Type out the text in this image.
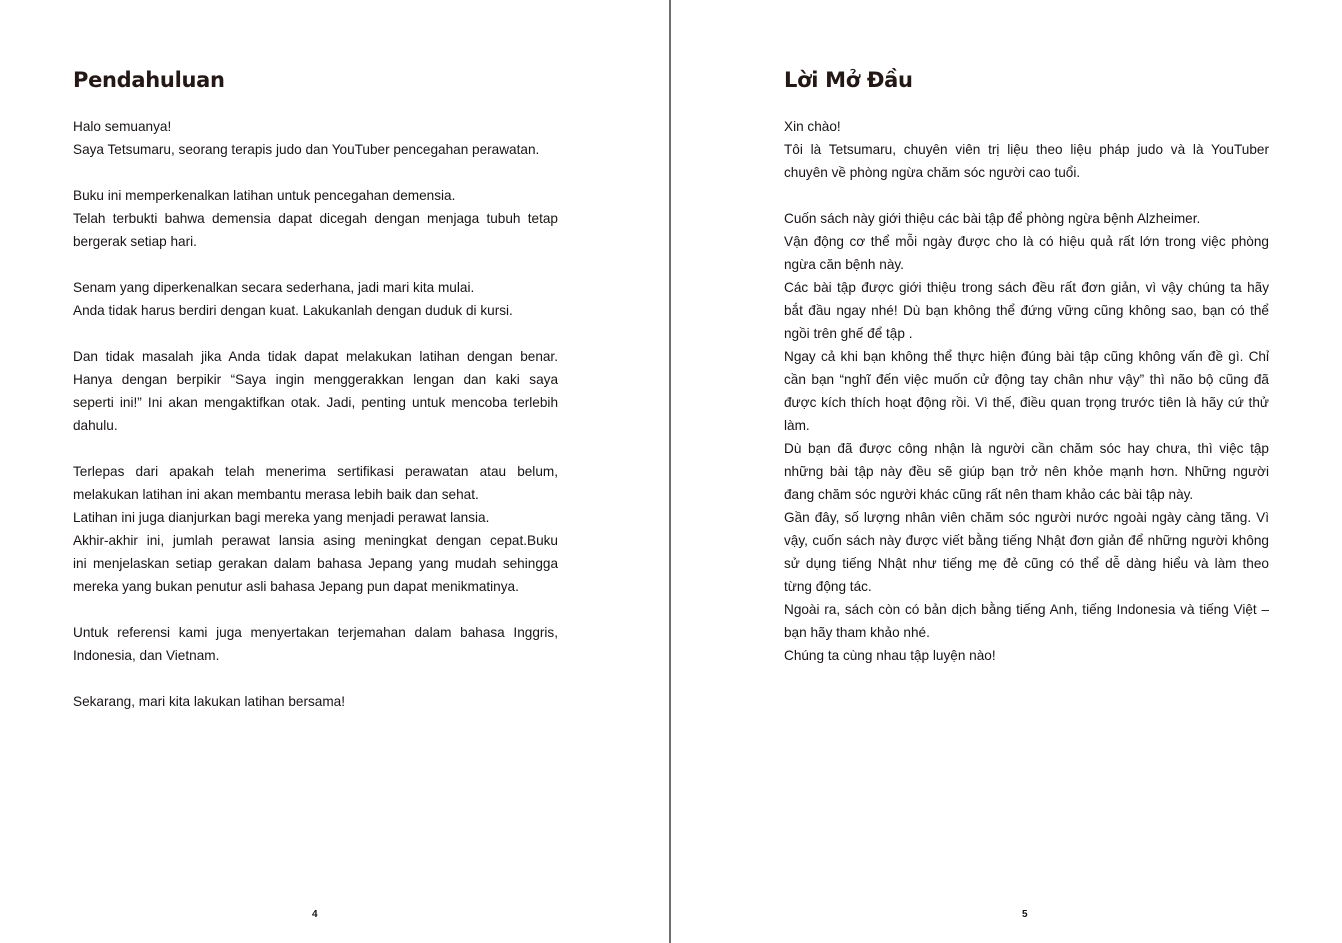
Pendahuluan
Halo semuanya!
Saya Tetsumaru, seorang terapis judo dan YouTuber pencegahan perawatan.
Buku ini memperkenalkan latihan untuk pencegahan demensia.
Telah terbukti bahwa demensia dapat dicegah dengan menjaga tubuh tetap
bergerak setiap hari.
Senam yang diperkenalkan secara sederhana, jadi mari kita mulai.
Anda tidak harus berdiri dengan kuat. Lakukanlah dengan duduk di kursi.
Dan tidak masalah jika Anda tidak dapat melakukan latihan dengan benar.
Hanya dengan berpikir “Saya ingin menggerakkan lengan dan kaki saya
seperti ini!” Ini akan mengaktifkan otak. Jadi, penting untuk mencoba terlebih
dahulu.
Terlepas dari apakah telah menerima sertifikasi perawatan atau belum,
melakukan latihan ini akan membantu merasa lebih baik dan sehat.
Latihan ini juga dianjurkan bagi mereka yang menjadi perawat lansia.
Akhir-akhir ini, jumlah perawat lansia asing meningkat dengan cepat.Buku
ini menjelaskan setiap gerakan dalam bahasa Jepang yang mudah sehingga
mereka yang bukan penutur asli bahasa Jepang pun dapat menikmatinya.
Untuk referensi kami juga menyertakan terjemahan dalam bahasa Inggris,
Indonesia, dan Vietnam.
Sekarang, mari kita lakukan latihan bersama!
Lời Mở Đầu
Xin chào!
Tôi là Tetsumaru, chuyên viên trị liệu theo liệu pháp judo và là YouTuber
chuyên về phòng ngừa chăm sóc người cao tuổi.
Cuốn sách này giới thiệu các bài tập để phòng ngừa bệnh Alzheimer.
Vận động cơ thể mỗi ngày được cho là có hiệu quả rất lớn trong việc phòng
ngừa căn bệnh này.
Các bài tập được giới thiệu trong sách đều rất đơn giản, vì vậy chúng ta hãy
bắt đầu ngay nhé! Dù bạn không thể đứng vững cũng không sao, bạn có thể
ngồi trên ghế để tập .
Ngay cả khi bạn không thể thực hiện đúng bài tập cũng không vấn đề gì. Chỉ
cần bạn “nghĩ đến việc muốn cử động tay chân như vậy” thì não bộ cũng đã
được kích thích hoạt động rồi. Vì thế, điều quan trọng trước tiên là hãy cứ thử
làm.
Dù bạn đã được công nhận là người cần chăm sóc hay chưa, thì việc tập
những bài tập này đều sẽ giúp bạn trở nên khỏe mạnh hơn. Những người
đang chăm sóc người khác cũng rất nên tham khảo các bài tập này.
Gần đây, số lượng nhân viên chăm sóc người nước ngoài ngày càng tăng. Vì
vậy, cuốn sách này được viết bằng tiếng Nhật đơn giản để những người không
sử dụng tiếng Nhật như tiếng mẹ đẻ cũng có thể dễ dàng hiểu và làm theo
từng động tác.
Ngoài ra, sách còn có bản dịch bằng tiếng Anh, tiếng Indonesia và tiếng Việt –
bạn hãy tham khảo nhé.
Chúng ta cùng nhau tập luyện nào!
4	5
